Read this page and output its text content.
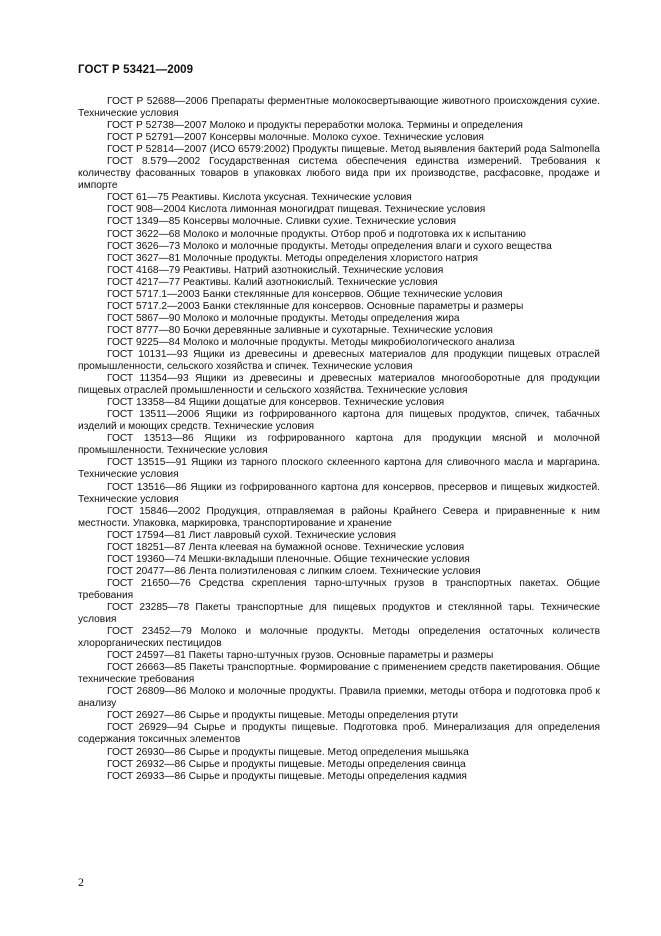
ГОСТ Р 53421—2009

ГОСТ Р 52688—2006 Препараты ферментные молокосвертывающие животного происхождения сухие. Технические условия

ГОСТ Р 52738—2007 Молоко и продукты переработки молока. Термины и определения

ГОСТ Р 52791—2007 Консервы молочные. Молоко сухое. Технические условия

ГОСТ Р 52814—2007 (ИСО 6579:2002) Продукты пищевые. Метод выявления бактерий рода Salmonella

ГОСТ 8.579—2002 Государственная система обеспечения единства измерений. Требования к количеству фасованных товаров в упаковках любого вида при их производстве, расфасовке, продаже и импорте

ГОСТ 61—75 Реактивы. Кислота уксусная. Технические условия

ГОСТ 908—2004 Кислота лимонная моногидрат пищевая. Технические условия

ГОСТ 1349—85 Консервы молочные. Сливки сухие. Технические условия

ГОСТ 3622—68 Молоко и молочные продукты. Отбор проб и подготовка их к испытанию

ГОСТ 3626—73 Молоко и молочные продукты. Методы определения влаги и сухого вещества

ГОСТ 3627—81 Молочные продукты. Методы определения хлористого натрия

ГОСТ 4168—79 Реактивы. Натрий азотнокислый. Технические условия

ГОСТ 4217—77 Реактивы. Калий азотнокислый. Технические условия

ГОСТ 5717.1—2003 Банки стеклянные для консервов. Общие технические условия

ГОСТ 5717.2—2003 Банки стеклянные для консервов. Основные параметры и размеры

ГОСТ 5867—90 Молоко и молочные продукты. Методы определения жира

ГОСТ 8777—80 Бочки деревянные заливные и сухотарные. Технические условия

ГОСТ 9225—84 Молоко и молочные продукты. Методы микробиологического анализа

ГОСТ 10131—93 Ящики из древесины и древесных материалов для продукции пищевых отраслей промышленности, сельского хозяйства и спичек. Технические условия

ГОСТ 11354—93 Ящики из древесины и древесных материалов многооборотные для продукции пищевых отраслей промышленности и сельского хозяйства. Технические условия

ГОСТ 13358—84 Ящики дощатые для консервов. Технические условия

ГОСТ 13511—2006 Ящики из гофрированного картона для пищевых продуктов, спичек, табачных изделий и моющих средств. Технические условия

ГОСТ 13513—86 Ящики из гофрированного картона для продукции мясной и молочной промышленности. Технические условия

ГОСТ 13515—91 Ящики из тарного плоского склеенного картона для сливочного масла и маргарина. Технические условия

ГОСТ 13516—86 Ящики из гофрированного картона для консервов, пресервов и пищевых жидкостей. Технические условия

ГОСТ 15846—2002 Продукция, отправляемая в районы Крайнего Севера и приравненные к ним местности. Упаковка, маркировка, транспортирование и хранение

ГОСТ 17594—81 Лист лавровый сухой. Технические условия

ГОСТ 18251—87 Лента клеевая на бумажной основе. Технические условия

ГОСТ 19360—74 Мешки-вкладыши пленочные. Общие технические условия

ГОСТ 20477—86 Лента полиэтиленовая с липким слоем. Технические условия

ГОСТ 21650—76 Средства скрепления тарно-штучных грузов в транспортных пакетах. Общие требования

ГОСТ 23285—78 Пакеты транспортные для пищевых продуктов и стеклянной тары. Технические условия

ГОСТ 23452—79 Молоко и молочные продукты. Методы определения остаточных количеств хлорорганических пестицидов

ГОСТ 24597—81 Пакеты тарно-штучных грузов. Основные параметры и размеры

ГОСТ 26663—85 Пакеты транспортные. Формирование с применением средств пакетирования. Общие технические требования

ГОСТ 26809—86 Молоко и молочные продукты. Правила приемки, методы отбора и подготовка проб к анализу

ГОСТ 26927—86 Сырье и продукты пищевые. Методы определения ртути

ГОСТ 26929—94 Сырье и продукты пищевые. Подготовка проб. Минерализация для определения содержания токсичных элементов

ГОСТ 26930—86 Сырье и продукты пищевые. Метод определения мышьяка

ГОСТ 26932—86 Сырье и продукты пищевые. Методы определения свинца

ГОСТ 26933—86 Сырье и продукты пищевые. Методы определения кадмия

2
